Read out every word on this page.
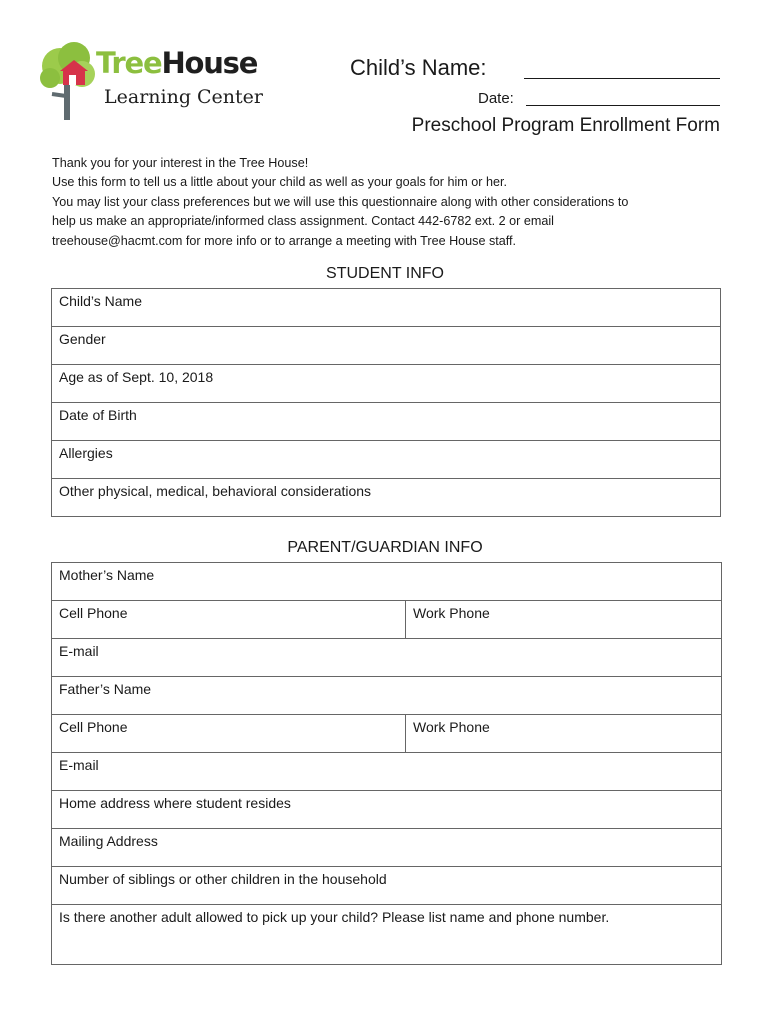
TreeHouse
Learning Center
Child’s Name:
Date:
Preschool Program Enrollment Form
Thank you for your interest in the Tree House!
Use this form to tell us a little about your child as well as your goals for him or her.
You may list your class preferences but we will use this questionnaire along with other considerations to
help us make an appropriate/informed class assignment. Contact 442-6782 ext. 2 or email
treehouse@hacmt.com for more info or to arrange a meeting with Tree House staff.
STUDENT INFO
Child’s Name
Gender
Age as of Sept. 10, 2018
Date of Birth
Allergies
Other physical, medical, behavioral considerations
PARENT/GUARDIAN INFO
Mother’s Name	
Cell Phone	Work Phone
E-mail	
Father’s Name	
Cell Phone	Work Phone
E-mail	
Home address where student resides	
Mailing Address	
Number of siblings or other children in the household	
Is there another adult allowed to pick up your child? Please list name and phone number.	
